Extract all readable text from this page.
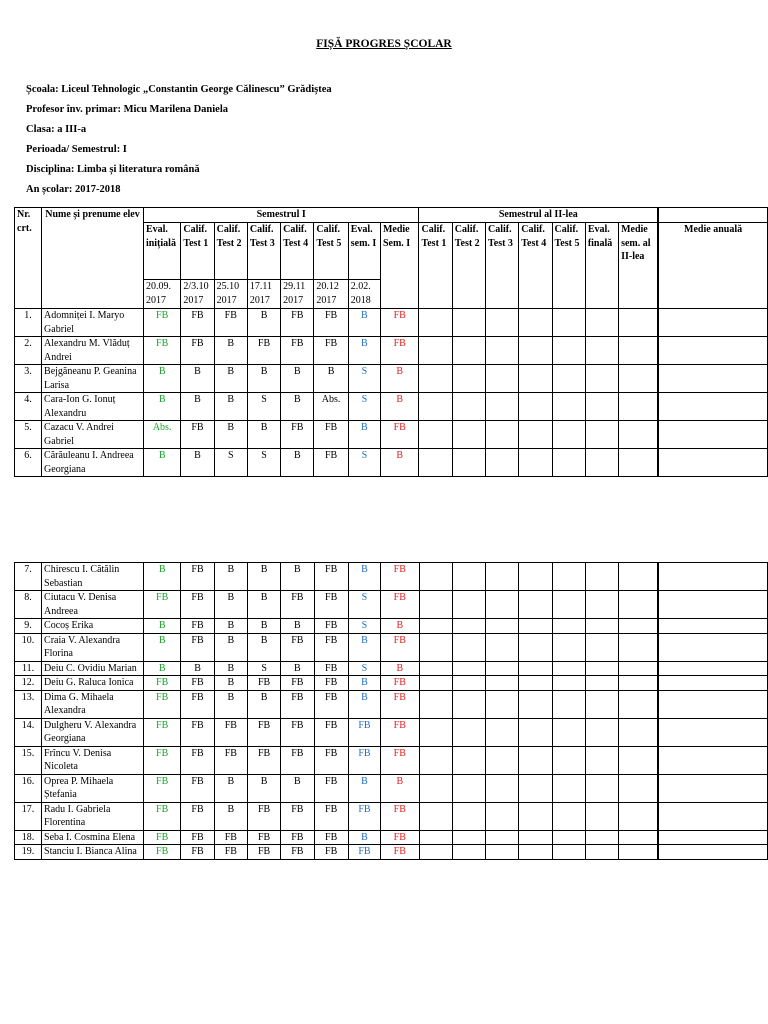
FIȘĂ PROGRES ȘCOLAR
Școala: Liceul Tehnologic „Constantin George Călinescu” Grădiștea
Profesor înv. primar: Micu Marilena Daniela
Clasa: a III-a
Perioada/ Semestrul: I
Disciplina: Limba și literatura română
An școlar: 2017-2018
Nr. crt.	Nume și prenume elev	Semestrul I								Semestrul al II-lea							
		Eval. inițială	Calif. Test 1	Calif. Test 2	Calif. Test 3	Calif. Test 4	Calif. Test 5	Eval. sem. I	Medie Sem. I	Calif. Test 1	Calif. Test 2	Calif. Test 3	Calif. Test 4	Calif. Test 5	Eval. finală	Medie sem. al II-lea	Medie anuală
		20.09. 2017	2/3.10 2017	25.10 2017	17.11 2017	29.11 2017	20.12 2017	2.02. 2018									
1.	Adomniței I. Maryo Gabriel	FB	FB	FB	B	FB	FB	B	FB								
2.	Alexandru M. Vlăduț Andrei	FB	FB	B	FB	FB	FB	B	FB								
3.	Bejgăneanu P. Geanina Larisa	B	B	B	B	B	B	S	B								
4.	Cara-Ion G. Ionuț Alexandru	B	B	B	S	B	Abs.	S	B								
5.	Cazacu V. Andrei Gabriel	Abs.	FB	B	B	FB	FB	B	FB								
6.	Cărăuleanu I. Andreea Georgiana	B	B	S	S	B	FB	S	B								
7.	Chirescu I. Cătălin Sebastian	B	FB	B	B	B	FB	B	FB								
8.	Ciutacu V. Denisa Andreea	FB	FB	B	B	FB	FB	S	FB								
9.	Cocoș Erika	B	FB	B	B	B	FB	S	B								
10.	Craia V. Alexandra Florina	B	FB	B	B	FB	FB	B	FB								
11.	Deiu C. Ovidiu Marian	B	B	B	S	B	FB	S	B								
12.	Deiu G. Raluca Ionica	FB	FB	B	FB	FB	FB	B	FB								
13.	Dima G. Mihaela Alexandra	FB	FB	B	B	FB	FB	B	FB								
14.	Dulgheru V. Alexandra Georgiana	FB	FB	FB	FB	FB	FB	FB	FB								
15.	Frîncu V. Denisa Nicoleta	FB	FB	FB	FB	FB	FB	FB	FB								
16.	Oprea P. Mihaela Ștefania	FB	FB	B	B	B	FB	B	B								
17.	Radu I. Gabriela Florentina	FB	FB	B	FB	FB	FB	FB	FB								
18.	Seba I. Cosmina Elena	FB	FB	FB	FB	FB	FB	B	FB								
19.	Stanciu I. Bianca Alina	FB	FB	FB	FB	FB	FB	FB	FB								
